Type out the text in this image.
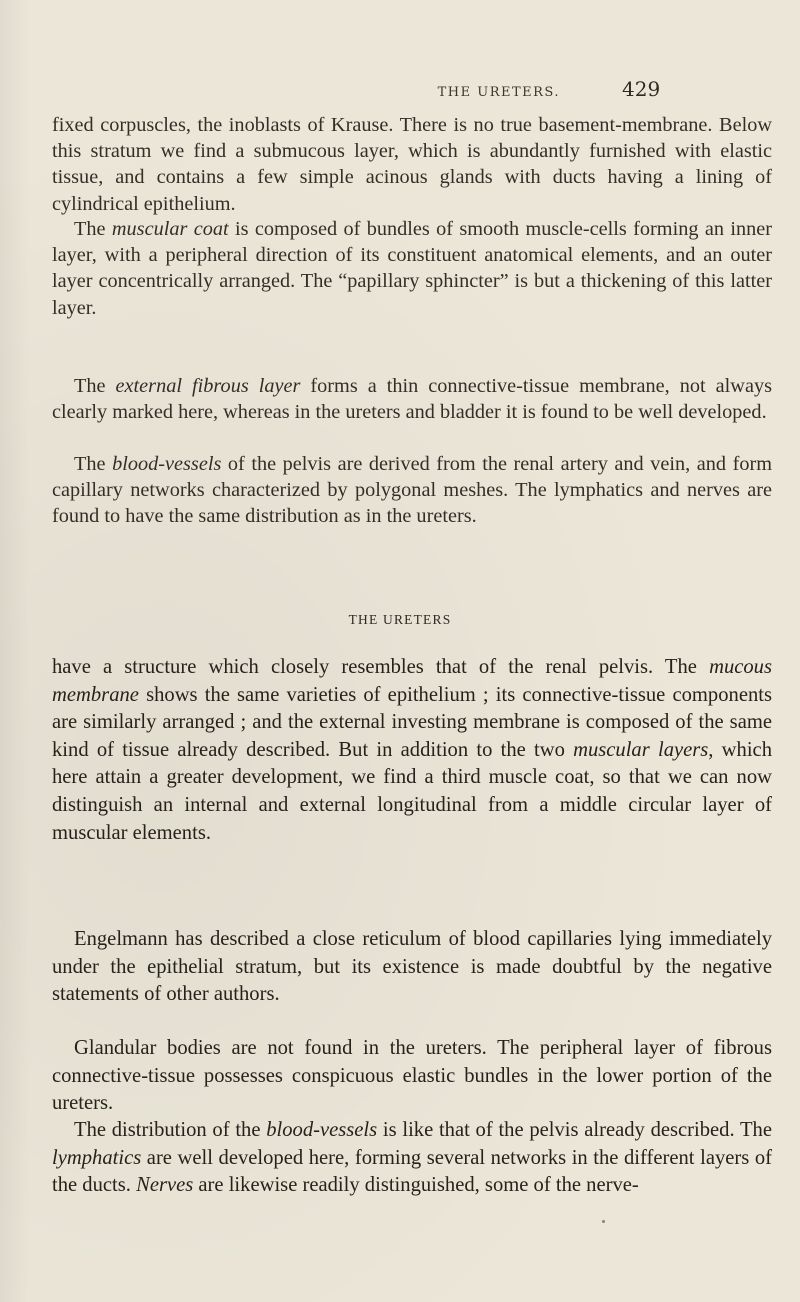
THE URETERS.	429

fixed corpuscles, the inoblasts of Krause. There is no true basement-membrane. Below this stratum we find a submucous layer, which is abundantly furnished with elastic tissue, and contains a few simple acinous glands with ducts having a lining of cylindrical epithelium.

The muscular coat is composed of bundles of smooth muscle-cells forming an inner layer, with a peripheral direction of its constituent anatomical elements, and an outer layer concentrically arranged. The “papillary sphincter” is but a thickening of this latter layer.

The external fibrous layer forms a thin connective-tissue membrane, not always clearly marked here, whereas in the ureters and bladder it is found to be well developed.

The blood-vessels of the pelvis are derived from the renal artery and vein, and form capillary networks characterized by polygonal meshes. The lymphatics and nerves are found to have the same distribution as in the ureters.

THE URETERS

have a structure which closely resembles that of the renal pelvis. The mucous membrane shows the same varieties of epithelium ; its connective-tissue components are similarly arranged ; and the external investing membrane is composed of the same kind of tissue already described. But in addition to the two muscular layers, which here attain a greater development, we find a third muscle coat, so that we can now distinguish an internal and external longitudinal from a middle circular layer of muscular elements.

Engelmann has described a close reticulum of blood capillaries lying immediately under the epithelial stratum, but its existence is made doubtful by the negative statements of other authors.

Glandular bodies are not found in the ureters. The peripheral layer of fibrous connective-tissue possesses conspicuous elastic bundles in the lower portion of the ureters.

The distribution of the blood-vessels is like that of the pelvis already described. The lymphatics are well developed here, forming several networks in the different layers of the ducts. Nerves are likewise readily distinguished, some of the nerve-
